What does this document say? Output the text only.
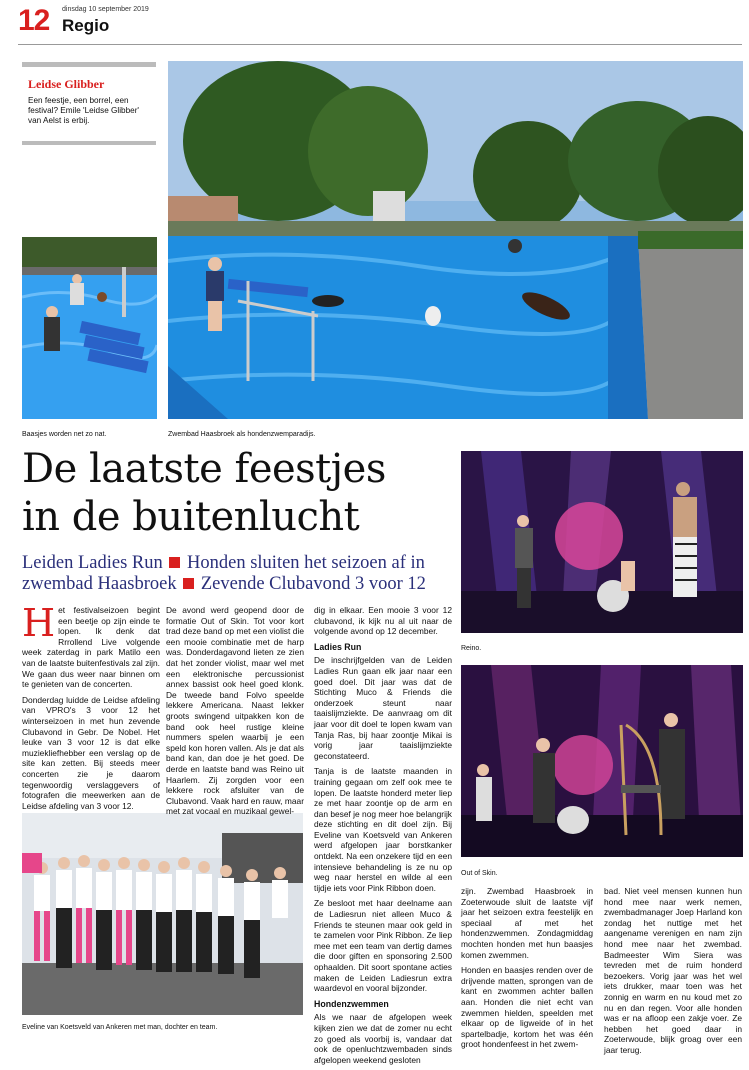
12 dinsdag 10 september 2019
Regio
Leidse Glibber
Een feestje, een borrel, een festival? Emile 'Leidse Glibber' van Aelst is erbij.
Baasjes worden net zo nat.	Zwembad Haasbroek als hondenzwemparadijs.
De laatste feestjes
in de buitenlucht
Leiden Ladies Run Honden sluiten het seizoen af in zwembad Haasbroek Zevende Clubavond 3 voor 12
Reino.
Out of Skin.
Eveline van Koetsveld van Ankeren met man, dochter en team.

Het festivalseizoen begint een beetje op zijn einde te lopen. Ik denk dat Rrrollend Live volgende week zaterdag in park Matilo een van de laatste buitenfestivals zal zijn. We gaan dus weer naar binnen om te genieten van de concerten.

Donderdag luidde de Leidse afdeling van VPRO's 3 voor 12 het winterseizoen in met hun zevende Clubavond in Gebr. De Nobel. Het leuke van 3 voor 12 is dat elke muziekliefhebber een verslag op de site kan zetten. Bij steeds meer concerten zie je daarom tegenwoordig verslaggevers of fotografen die meewerken aan de Leidse afdeling van 3 voor 12.

De avond werd geopend door de formatie Out of Skin. Tot voor kort trad deze band op met een violist die een mooie combinatie met de harp was. Donderdagavond lieten ze zien dat het zonder violist, maar wel met een elektronische percussionist annex bassist ook heel goed klonk. De tweede band Folvo speelde lekkere Americana. Naast lekker groots swingend uitpakken kon de band ook heel rustige kleine nummers spelen waarbij je een speld kon horen vallen. Als je dat als band kan, dan doe je het goed. De derde en laatste band was Reino uit Haarlem. Zij zorgden voor een lekkere rock afsluiter van de Clubavond. Vaak hard en rauw, maar met zat vocaal en muzikaal gewel-

dig in elkaar. Een mooie 3 voor 12 clubavond, ik kijk nu al uit naar de volgende avond op 12 december.

Ladies Run

De inschrijfgelden van de Leiden Ladies Run gaan elk jaar naar een goed doel. Dit jaar was dat de Stichting Muco & Friends die onderzoek steunt naar taaislijmziekte. De aanvraag om dit jaar voor dit doel te lopen kwam van Tanja Ras, bij haar zoontje Mikai is vorig jaar taaislijmziekte geconstateerd.

Tanja is de laatste maanden in training gegaan om zelf ook mee te lopen. De laatste honderd meter liep ze met haar zoontje op de arm en dan besef je nog meer hoe belangrijk deze stichting en dit doel zijn. Bij Eveline van Koetsveld van Ankeren werd afgelopen jaar borstkanker ontdekt. Na een onzekere tijd en een intensieve behandeling is ze nu op weg naar herstel en wilde al een tijdje iets voor Pink Ribbon doen.

Ze besloot met haar deelname aan de Ladiesrun niet alleen Muco & Friends te steunen maar ook geld in te zamelen voor Pink Ribbon. Ze liep mee met een team van dertig dames die door giften en sponsoring 2.500 ophaalden. Dit soort spontane acties maken de Leiden Ladiesrun extra waardevol en vooral bijzonder.

Hondenzwemmen

Als we naar de afgelopen week kijken zien we dat de zomer nu echt zo goed als voorbij is, vandaar dat ook de openluchtzwembaden sinds afgelopen weekend gesloten

zijn. Zwembad Haasbroek in Zoeterwoude sluit de laatste vijf jaar het seizoen extra feestelijk en speciaal af met het hondenzwemmen. Zondagmiddag mochten honden met hun baasjes komen zwemmen.

Honden en baasjes renden over de drijvende matten, sprongen van de kant en zwommen achter ballen aan. Honden die niet echt van zwemmen hielden, speelden met elkaar op de ligweide of in het spartelbadje, kortom het was één groot hondenfeest in het zwem-

bad. Niet veel mensen kunnen hun hond mee naar werk nemen, zwembadmanager Joep Harland kon zondag het nuttige met het aangename verenigen en nam zijn hond mee naar het zwembad. Badmeester Wim Siera was tevreden met de ruim honderd bezoekers. Vorig jaar was het wel iets drukker, maar toen was het zonnig en warm en nu koud met zo nu en dan regen. Voor alle honden was er na afloop een zakje voer. Ze hebben het goed daar in Zoeterwoude, blijk groag over een jaar terug.
